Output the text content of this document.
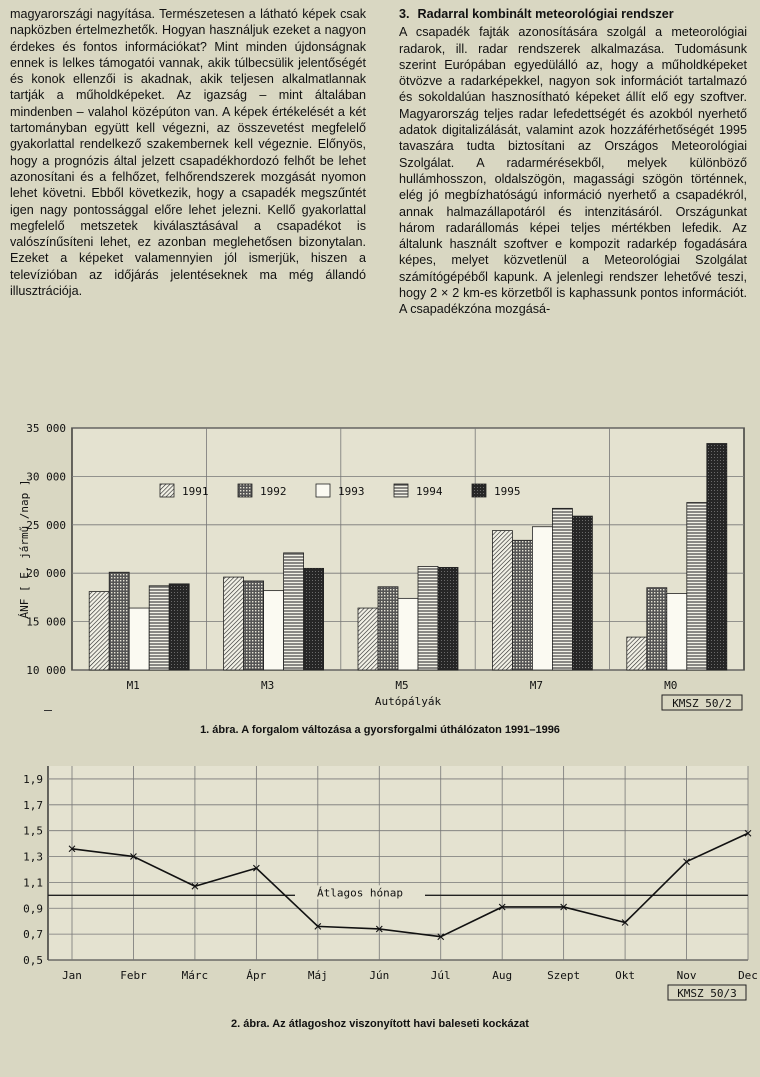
magyarországi nagyítása. Természetesen a látható képek csak napközben értelmezhetők. Hogyan használjuk ezeket a nagyon érdekes és fontos információkat? Mint minden újdonságnak ennek is lelkes támogatói vannak, akik túlbecsülik jelentőségét és konok ellenzői is akadnak, akik teljesen alkalmatlannak tartják a műholdképeket. Az igazság – mint általában mindenben – valahol középúton van. A képek értékelését a két tartományban együtt kell végezni, az összevetést megfelelő gyakorlattal rendelkező szakembernek kell végeznie. Előnyös, hogy a prognózis által jelzett csapadékhordozó felhőt be lehet azonosítani és a felhőzet, felhőrendszerek mozgását nyomon lehet követni. Ebből következik, hogy a csapadék megszűntét igen nagy pontossággal előre lehet jelezni. Kellő gyakorlattal megfelelő metszetek kiválasztásával a csapadékot is valószínűsíteni lehet, ez azonban meglehetősen bizonytalan. Ezeket a képeket valamennyien jól ismerjük, hiszen a televízióban az időjárás jelentéseknek ma még állandó illusztrációja.

3. Radarral kombinált meteorológiai rendszer

A csapadék fajták azonosítására szolgál a meteorológiai radarok, ill. radar rendszerek alkalmazása. Tudomásunk szerint Európában egyedülálló az, hogy a műholdképeket ötvözve a radarképekkel, nagyon sok információt tartalmazó és sokoldalúan hasznosítható képeket állít elő egy szoftver. Magyarország teljes radar lefedettségét és azokból nyerhető adatok digitalizálását, valamint azok hozzáférhetőségét 1995 tavaszára tudta biztosítani az Országos Meteorológiai Szolgálat. A radarmérésekből, melyek különböző hullámhosszon, oldalszögön, magassági szögön történnek, elég jó megbízhatóságú információ nyerhető a csapadékról, annak halmazállapotáról és intenzitásáról. Országunkat három radarállomás képei teljes mértékben lefedik. Az általunk használt szoftver e kompozit radarkép fogadására képes, melyet közvetlenül a Meteorológiai Szolgálat számítógépéből kapunk. A jelenlegi rendszer lehetővé teszi, hogy 2 × 2 km-es körzetből is kaphassunk pontos információt. A csapadékzóna mozgásá-

1991	1992	1993	1994	1995
10 000
15 000
20 000
25 000
30 000
35 000
M1	M3	M5	M7	M0
Autópályák
ÁNF [ E. jármű /nap ]
KMSZ 50/2
1. ábra. A forgalom változása a gyorsforgalmi úthálózaton 1991–1996
Átlagos hónap
0,5
0,7
0,9
1,1
1,3
1,5
1,7
1,9
Jan	Febr	Márc	Ápr	Máj	Jún	Júl	Aug	Szept	Okt	Nov	Dec
KMSZ 50/3
2. ábra. Az átlagoshoz viszonyított havi baleseti kockázat
